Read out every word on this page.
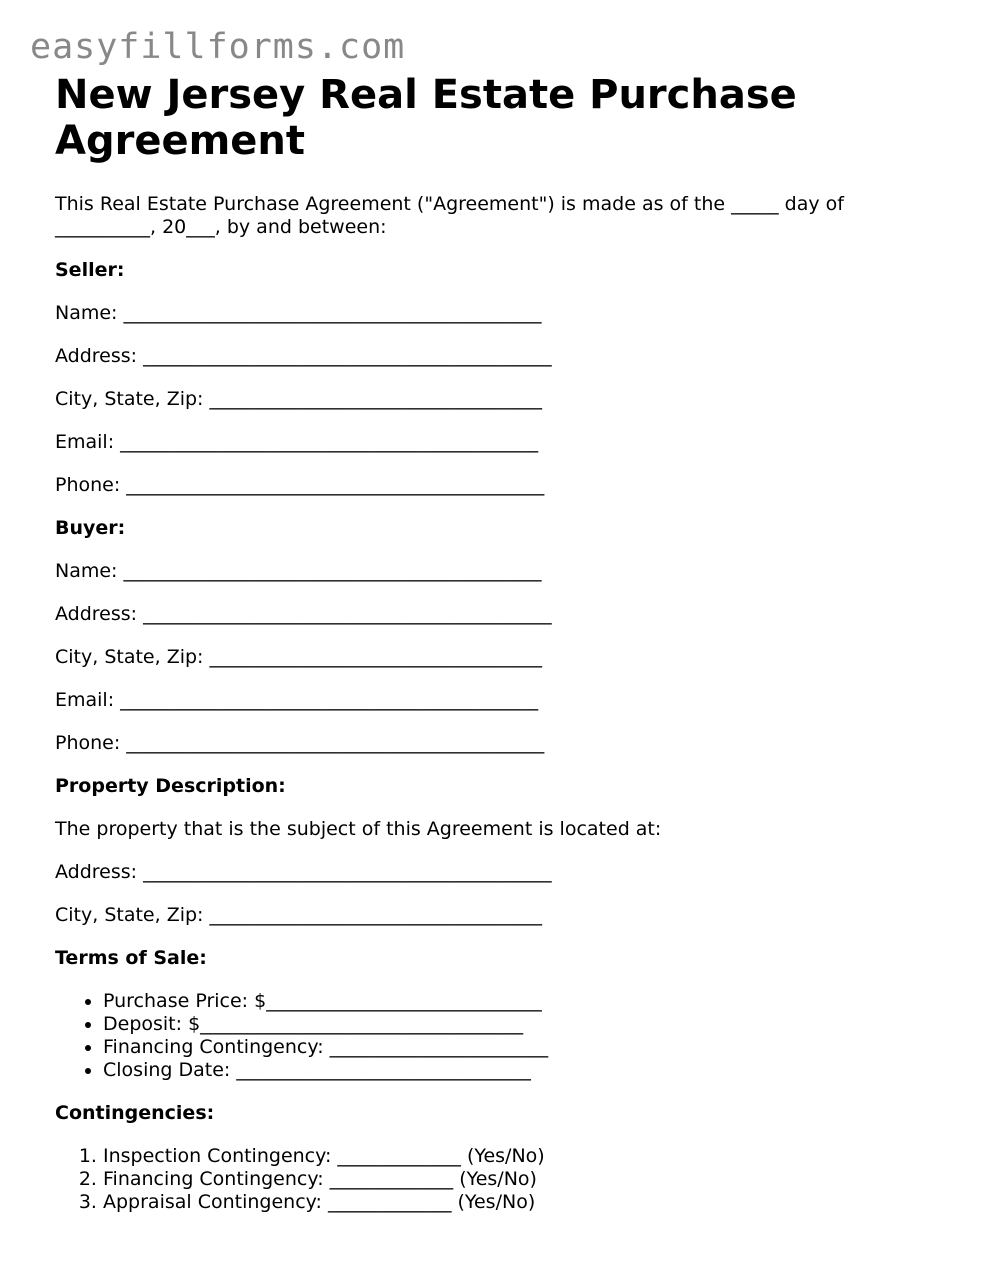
easyfillforms.com
New Jersey Real Estate Purchase Agreement

This Real Estate Purchase Agreement ("Agreement") is made as of the _____ day of __________, 20___, by and between:

Seller:

Name: ____________________________________________

Address: ___________________________________________

City, State, Zip: ___________________________________

Email: ____________________________________________

Phone: ____________________________________________

Buyer:

Name: ____________________________________________

Address: ___________________________________________

City, State, Zip: ___________________________________

Email: ____________________________________________

Phone: ____________________________________________

Property Description:

The property that is the subject of this Agreement is located at:

Address: ___________________________________________

City, State, Zip: ___________________________________

Terms of Sale:

• Purchase Price: $_____________________________
• Deposit: $__________________________________
• Financing Contingency: _______________________
• Closing Date: _______________________________

Contingencies:

1. Inspection Contingency: _____________ (Yes/No)
2. Financing Contingency: _____________ (Yes/No)
3. Appraisal Contingency: _____________ (Yes/No)
